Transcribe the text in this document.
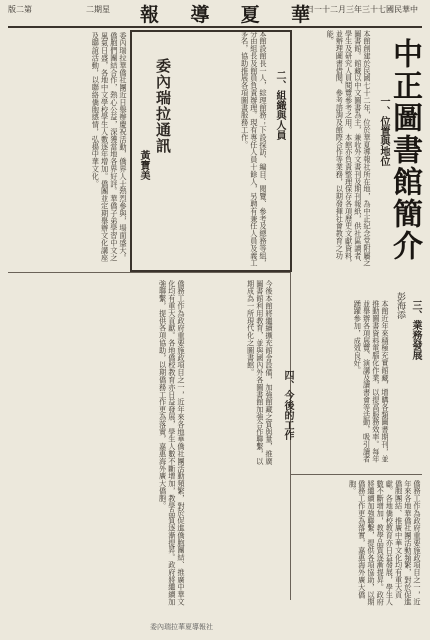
版二第	二期星	日一十二月三年三十七國民華中
報 導 夏 華
中正圖書館簡介
彭海添
一、位置與地位
本館創建於民國七十二年，位於華夏導報社所在地，為中正紀念堂附屬之圖書館。館藏以中文圖書為主，兼收外文書刊及期刊報紙，供社區讀者、學生及研究人員閱覽參考之用。本館亦負責整理保存各項歷史文獻資料，並辦理圖書借閱、參考諮詢及館際合作等業務，以期發揮社會教育之功能。
二、組織與人員
本館設館長一人，綜理館務；下設採訪、編目、閱覽、參考及總務等組，分由組長及館員負責辦理。現有專任人員十餘人，另聘有兼任人員及義工多名，協助推展各項圖書服務工作。
三、業務發展
本館近年來積極充實館藏，增購各類圖書期刊，並推動圖書資料電腦化作業，以提高服務效率。每年並舉辦各項展覽、演講及讀書會等活動，吸引讀者踴躍參加，成效良好。
四、今後的工作
今後本館將繼續擴充館舍設備，加強館藏之質與量，推廣圖書館利用教育，並與國內外各圖書館加強合作聯繫，以期成為一所現代化之圖書館。
委內瑞拉通訊
黃寶美
委內瑞拉華僑社團近日舉辦慶祝活動，僑界人士熱烈參與，場面盛大。僑胞們團結合作，熱心公益，深獲當地各界好評。華僑子弟學習中文之風氣日盛，各地中文學校學生人數逐年增加。僑團並定期舉辦文化講座及聯誼活動，以聯絡僑胞感情，弘揚中華文化。
僑務工作為政府重要施政項目之一，近年來各地華僑社團活動頻繁，對於促進僑胞團結、推廣中華文化均有重大貢獻。各地僑校教育亦日益發展，學生人數不斷增加，教學品質逐漸提昇。政府將繼續加強聯繫，提供各項協助，以期僑務工作更為落實，嘉惠海外廣大僑胞。
僑務工作為政府重要施政項目之一，近年來各地華僑社團活動頻繁，對於促進僑胞團結、推廣中華文化均有重大貢獻。各地僑校教育亦日益發展，學生人數不斷增加，教學品質逐漸提昇。政府將繼續加強聯繫，提供各項協助，以期僑務工作更為落實，嘉惠海外廣大僑胞。
委內瑞拉華夏導報社
